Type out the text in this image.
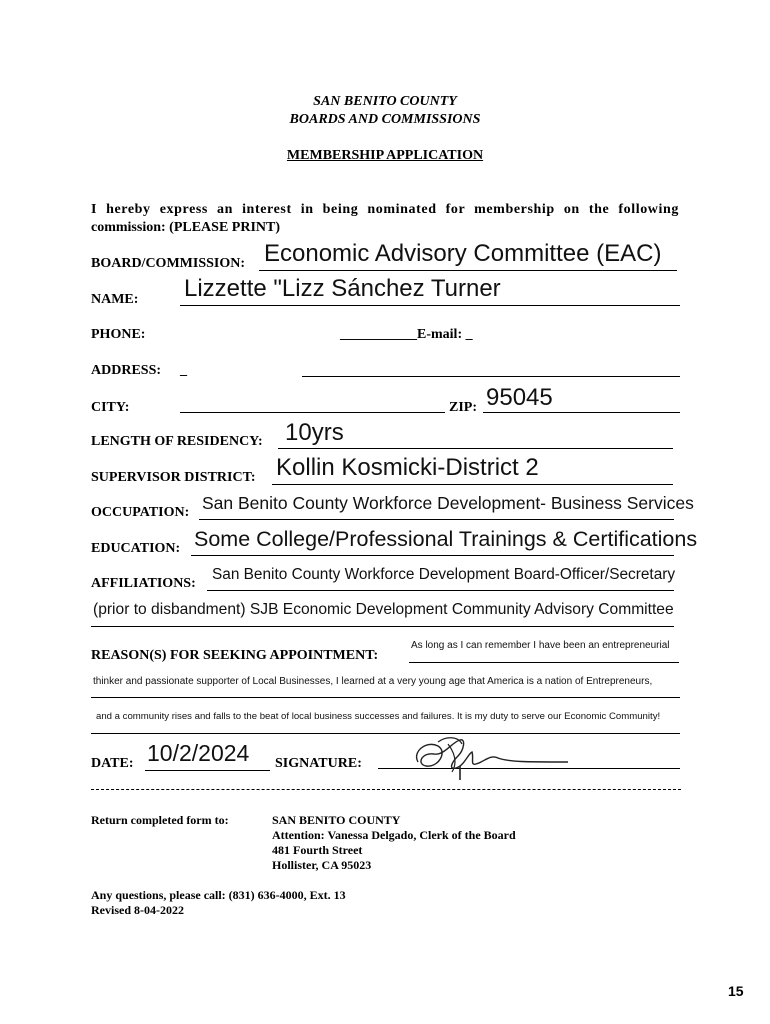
SAN BENITO COUNTY
BOARDS AND COMMISSIONS
MEMBERSHIP APPLICATION
I hereby express an interest in being nominated for membership on the following
commission: (PLEASE PRINT)
BOARD/COMMISSION: Economic Advisory Committee (EAC)
NAME: Lizzette "Lizz Sánchez Turner
PHONE:	___________E-mail: _
ADDRESS: _
CITY:	ZIP: 95045
LENGTH OF RESIDENCY: 10yrs
SUPERVISOR DISTRICT: Kollin Kosmicki-District 2
OCCUPATION: San Benito County Workforce Development- Business Services
EDUCATION: Some College/Professional Trainings & Certifications
AFFILIATIONS:
San Benito County Workforce Development Board-Officer/Secretary
(prior to disbandment) SJB Economic Development Community Advisory Committee
REASON(S) FOR SEEKING APPOINTMENT:
As long as I can remember I have been an entrepreneurial
thinker and passionate supporter of Local Businesses, I learned at a very young age that America is a nation of Entrepreneurs,
and a community rises and falls to the beat of local business successes and failures. It is my duty to serve our Economic Community!
DATE: 10/2/2024 SIGNATURE:
Return completed form to:	SAN BENITO COUNTY
Attention: Vanessa Delgado, Clerk of the Board
481 Fourth Street
Hollister, CA 95023
Any questions, please call: (831) 636-4000, Ext. 13
Revised 8-04-2022
15
